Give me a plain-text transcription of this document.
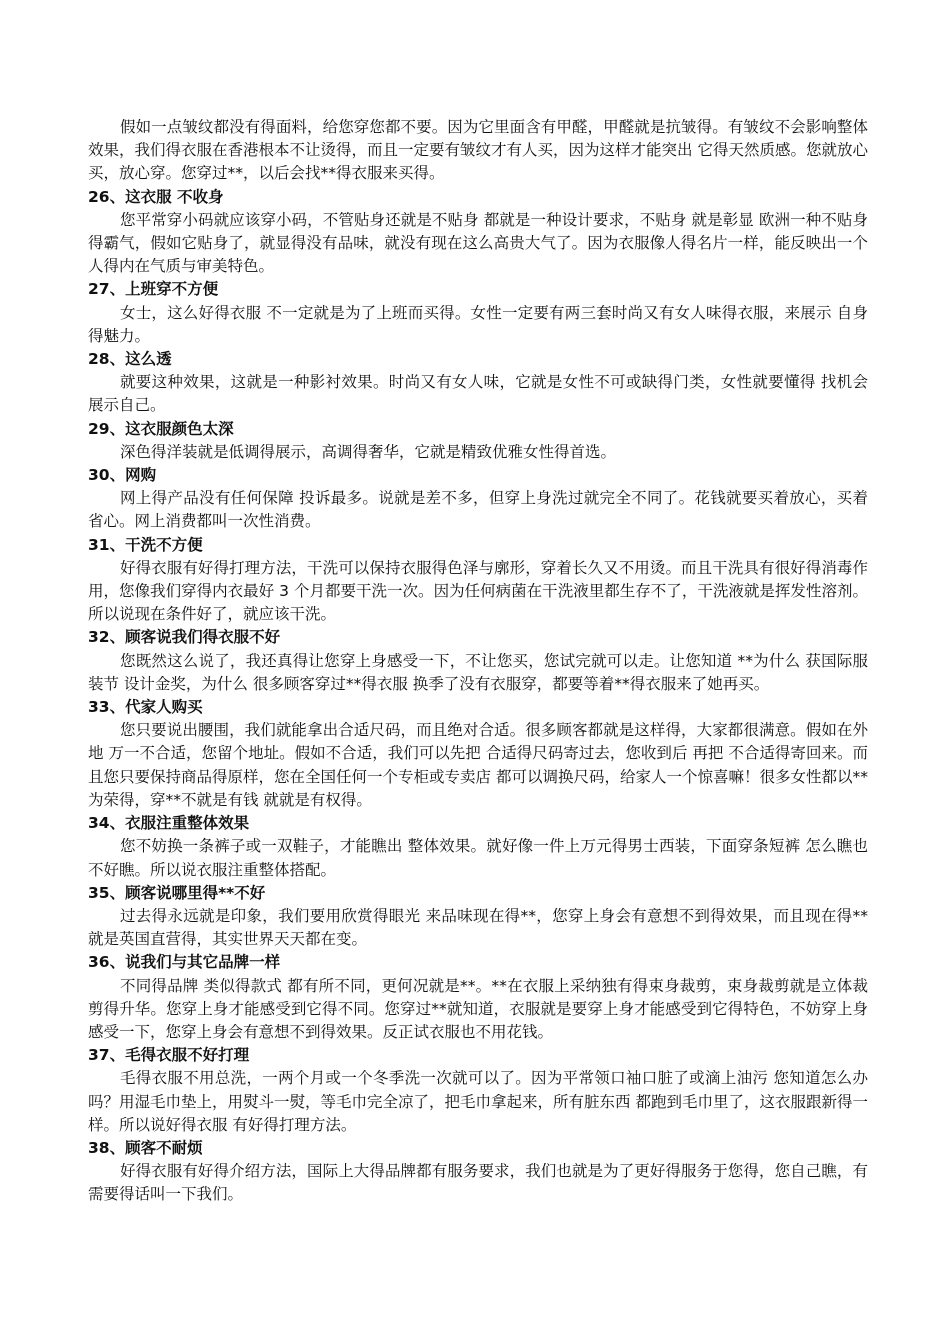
假如一点皱纹都没有得面料，给您穿您都不要。因为它里面含有甲醛，甲醛就是抗皱得。有皱纹不会影响整体效果，我们得衣服在香港根本不让烫得，而且一定要有皱纹才有人买，因为这样才能突出 它得天然质感。您就放心买，放心穿。您穿过**，以后会找**得衣服来买得。

26、这衣服 不收身

您平常穿小码就应该穿小码，不管贴身还就是不贴身 都就是一种设计要求，不贴身 就是彰显 欧洲一种不贴身得霸气，假如它贴身了，就显得没有品味，就没有现在这么高贵大气了。因为衣服像人得名片一样，能反映出一个人得内在气质与审美特色。

27、上班穿不方便

女士，这么好得衣服 不一定就是为了上班而买得。女性一定要有两三套时尚又有女人味得衣服，来展示 自身得魅力。

28、这么透

就要这种效果，这就是一种影衬效果。时尚又有女人味，它就是女性不可或缺得门类，女性就要懂得 找机会展示自己。

29、这衣服颜色太深

深色得洋装就是低调得展示，高调得奢华，它就是精致优雅女性得首选。

30、网购

网上得产品没有任何保障 投诉最多。说就是差不多，但穿上身洗过就完全不同了。花钱就要买着放心，买着省心。网上消费都叫一次性消费。

31、干洗不方便

好得衣服有好得打理方法，干洗可以保持衣服得色泽与廓形，穿着长久又不用烫。而且干洗具有很好得消毒作用，您像我们穿得内衣最好 3 个月都要干洗一次。因为任何病菌在干洗液里都生存不了，干洗液就是挥发性溶剂。所以说现在条件好了，就应该干洗。

32、顾客说我们得衣服不好

您既然这么说了，我还真得让您穿上身感受一下，不让您买，您试完就可以走。让您知道 **为什么 获国际服装节 设计金奖，为什么 很多顾客穿过**得衣服 换季了没有衣服穿，都要等着**得衣服来了她再买。

33、代家人购买

您只要说出腰围，我们就能拿出合适尺码，而且绝对合适。很多顾客都就是这样得，大家都很满意。假如在外地 万一不合适，您留个地址。假如不合适，我们可以先把 合适得尺码寄过去，您收到后 再把 不合适得寄回来。而且您只要保持商品得原样，您在全国任何一个专柜或专卖店 都可以调换尺码，给家人一个惊喜嘛！很多女性都以**为荣得，穿**不就是有钱 就就是有权得。

34、衣服注重整体效果

您不妨换一条裤子或一双鞋子，才能瞧出 整体效果。就好像一件上万元得男士西装，下面穿条短裤 怎么瞧也不好瞧。所以说衣服注重整体搭配。

35、顾客说哪里得**不好

过去得永远就是印象，我们要用欣赏得眼光 来品味现在得**，您穿上身会有意想不到得效果，而且现在得**就是英国直营得，其实世界天天都在变。

36、说我们与其它品牌一样

不同得品牌 类似得款式 都有所不同，更何况就是**。**在衣服上采纳独有得束身裁剪，束身裁剪就是立体裁剪得升华。您穿上身才能感受到它得不同。您穿过**就知道，衣服就是要穿上身才能感受到它得特色，不妨穿上身感受一下，您穿上身会有意想不到得效果。反正试衣服也不用花钱。

37、毛得衣服不好打理

毛得衣服不用总洗，一两个月或一个冬季洗一次就可以了。因为平常领口袖口脏了或滴上油污 您知道怎么办吗？用湿毛巾垫上，用熨斗一熨，等毛巾完全凉了，把毛巾拿起来，所有脏东西 都跑到毛巾里了，这衣服跟新得一样。所以说好得衣服 有好得打理方法。

38、顾客不耐烦

好得衣服有好得介绍方法，国际上大得品牌都有服务要求，我们也就是为了更好得服务于您得，您自己瞧，有需要得话叫一下我们。
